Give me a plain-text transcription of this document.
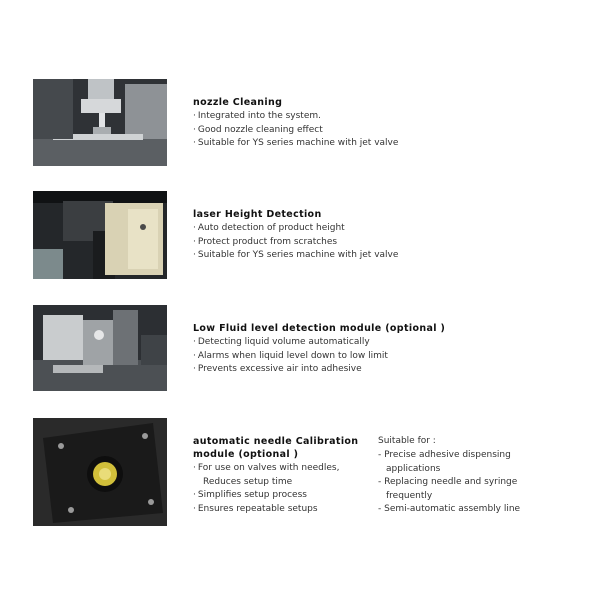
nozzle Cleaning
· Integrated into the system.
· Good nozzle cleaning effect
· Suitable for YS series machine with jet valve
laser Height Detection
· Auto detection of product height
· Protect product from scratches
· Suitable for YS series machine with jet valve
Low Fluid level detection module (optional )
· Detecting liquid volume automatically
· Alarms when liquid level down to low limit
· Prevents excessive air into adhesive
automatic needle Calibration
module (optional )
· For use on valves with needles,
Reduces setup time
· Simplifies setup process
· Ensures repeatable setups
Suitable for :
- Precise adhesive dispensing
applications
- Replacing needle and syringe
frequently
- Semi-automatic assembly line
